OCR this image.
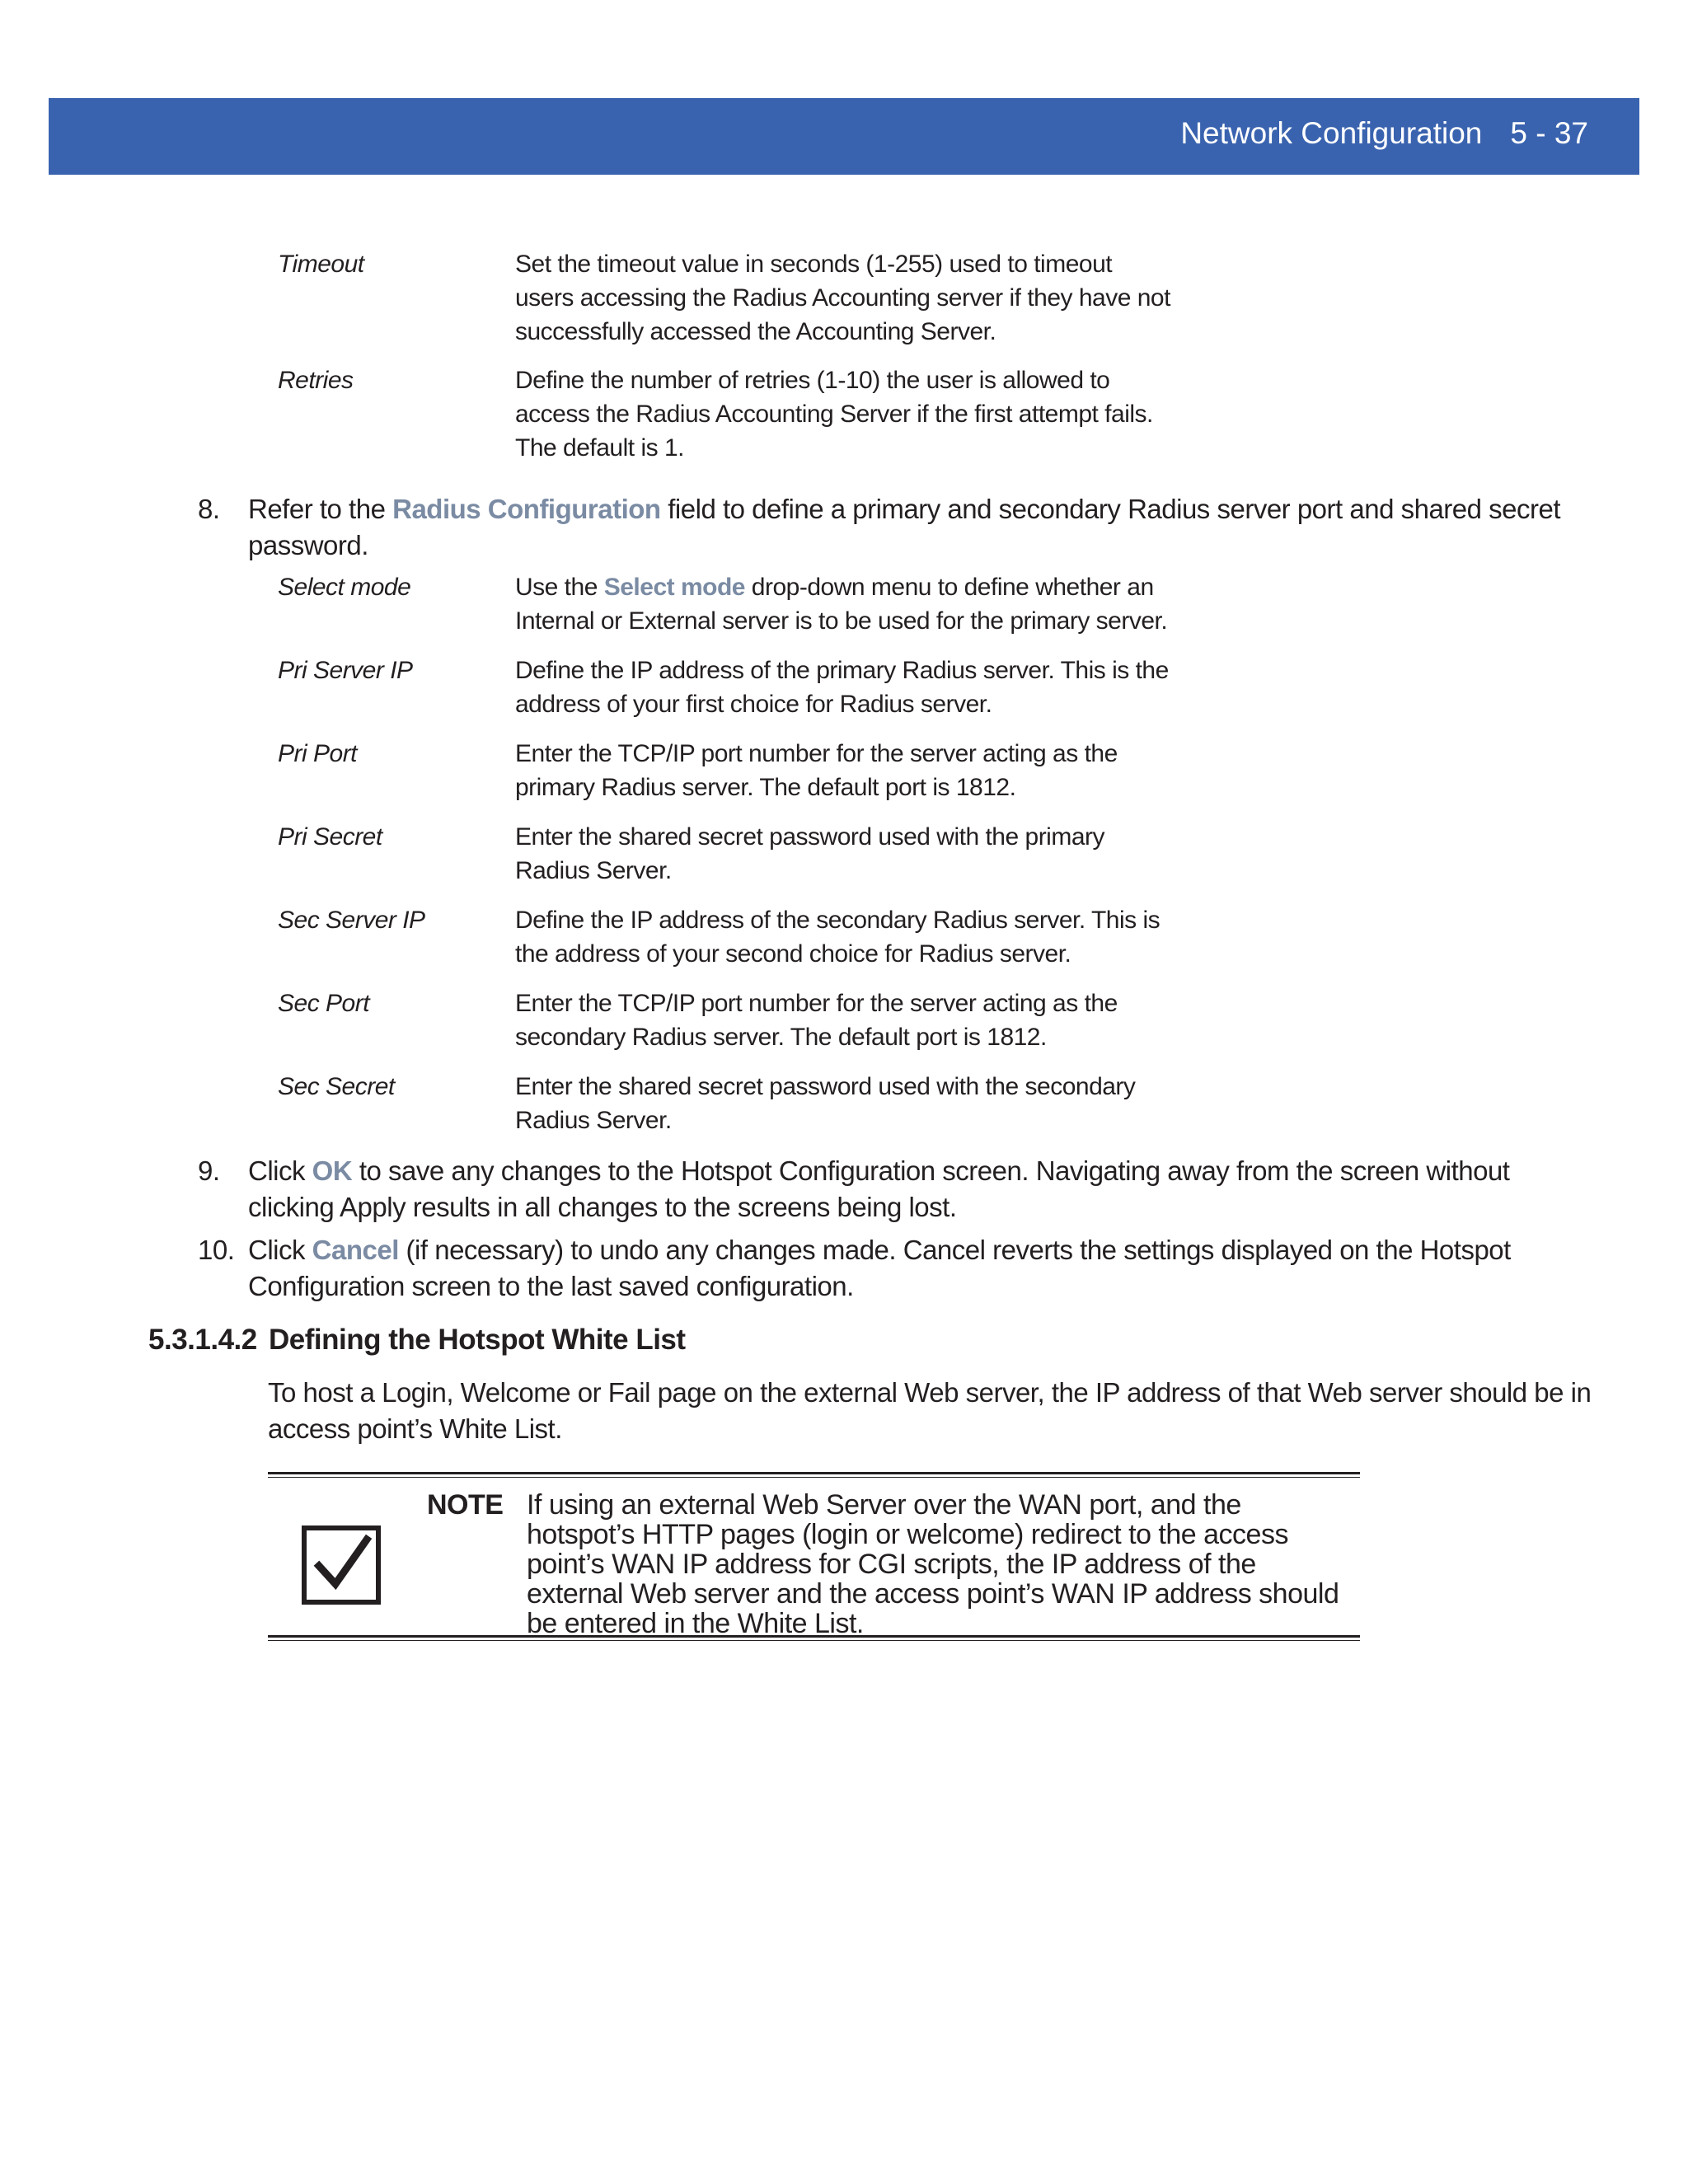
Network Configuration 5 - 37
Timeout	Set the timeout value in seconds (1-255) used to timeout users accessing the Radius Accounting server if they have not successfully accessed the Accounting Server.
Retries	Define the number of retries (1-10) the user is allowed to access the Radius Accounting Server if the first attempt fails. The default is 1.
8. Refer to the Radius Configuration field to define a primary and secondary Radius server port and shared secret password.
Select mode	Use the Select mode drop-down menu to define whether an Internal or External server is to be used for the primary server.
Pri Server IP	Define the IP address of the primary Radius server. This is the address of your first choice for Radius server.
Pri Port	Enter the TCP/IP port number for the server acting as the primary Radius server. The default port is 1812.
Pri Secret	Enter the shared secret password used with the primary Radius Server.
Sec Server IP	Define the IP address of the secondary Radius server. This is the address of your second choice for Radius server.
Sec Port	Enter the TCP/IP port number for the server acting as the secondary Radius server. The default port is 1812.
Sec Secret	Enter the shared secret password used with the secondary Radius Server.
9. Click OK to save any changes to the Hotspot Configuration screen. Navigating away from the screen without clicking Apply results in all changes to the screens being lost.
10. Click Cancel (if necessary) to undo any changes made. Cancel reverts the settings displayed on the Hotspot Configuration screen to the last saved configuration.
5.3.1.4.2 Defining the Hotspot White List
To host a Login, Welcome or Fail page on the external Web server, the IP address of that Web server should be in access point’s White List.
NOTE If using an external Web Server over the WAN port, and the hotspot’s HTTP pages (login or welcome) redirect to the access point’s WAN IP address for CGI scripts, the IP address of the external Web server and the access point’s WAN IP address should be entered in the White List.
